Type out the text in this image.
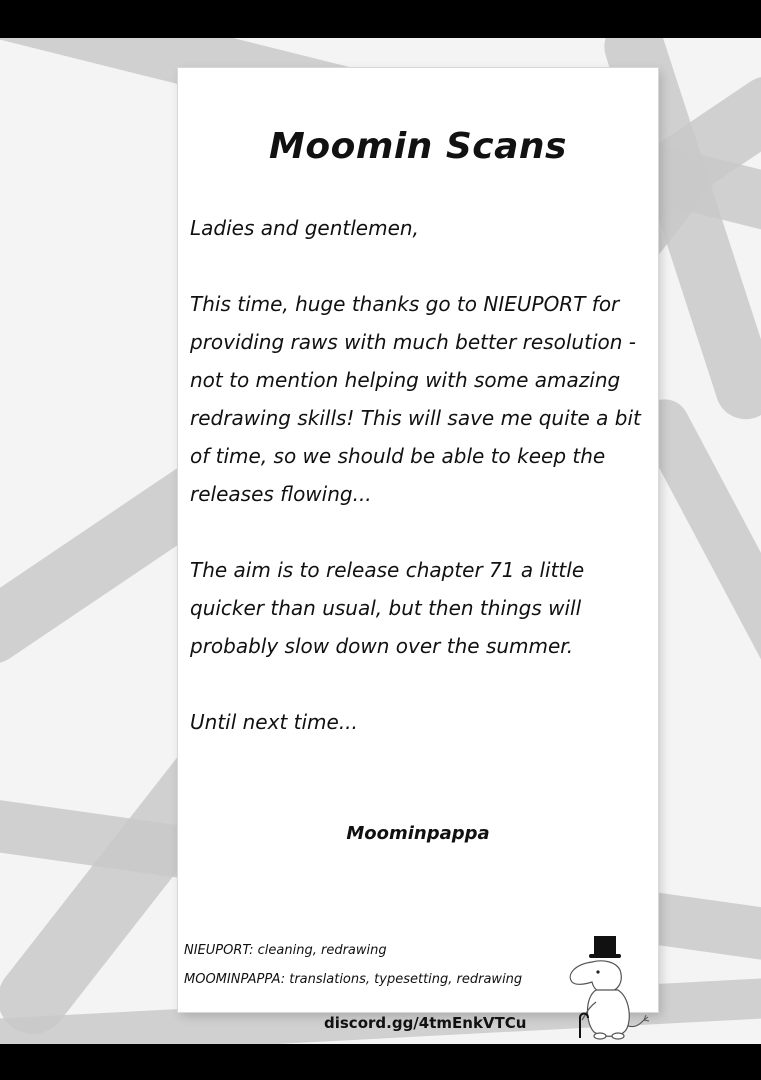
Moomin Scans

Ladies and gentlemen,

This time, huge thanks go to NIEUPORT for providing raws with much better resolution - not to mention helping with some amazing redrawing skills! This will save me quite a bit of time, so we should be able to keep the releases flowing...

The aim is to release chapter 71 a little quicker than usual, but then things will probably slow down over the summer.

Until next time...

Moominpappa
NIEUPORT: cleaning, redrawing
MOOMINPAPPA: translations, typesetting, redrawing
discord.gg/4tmEnkVTCu
